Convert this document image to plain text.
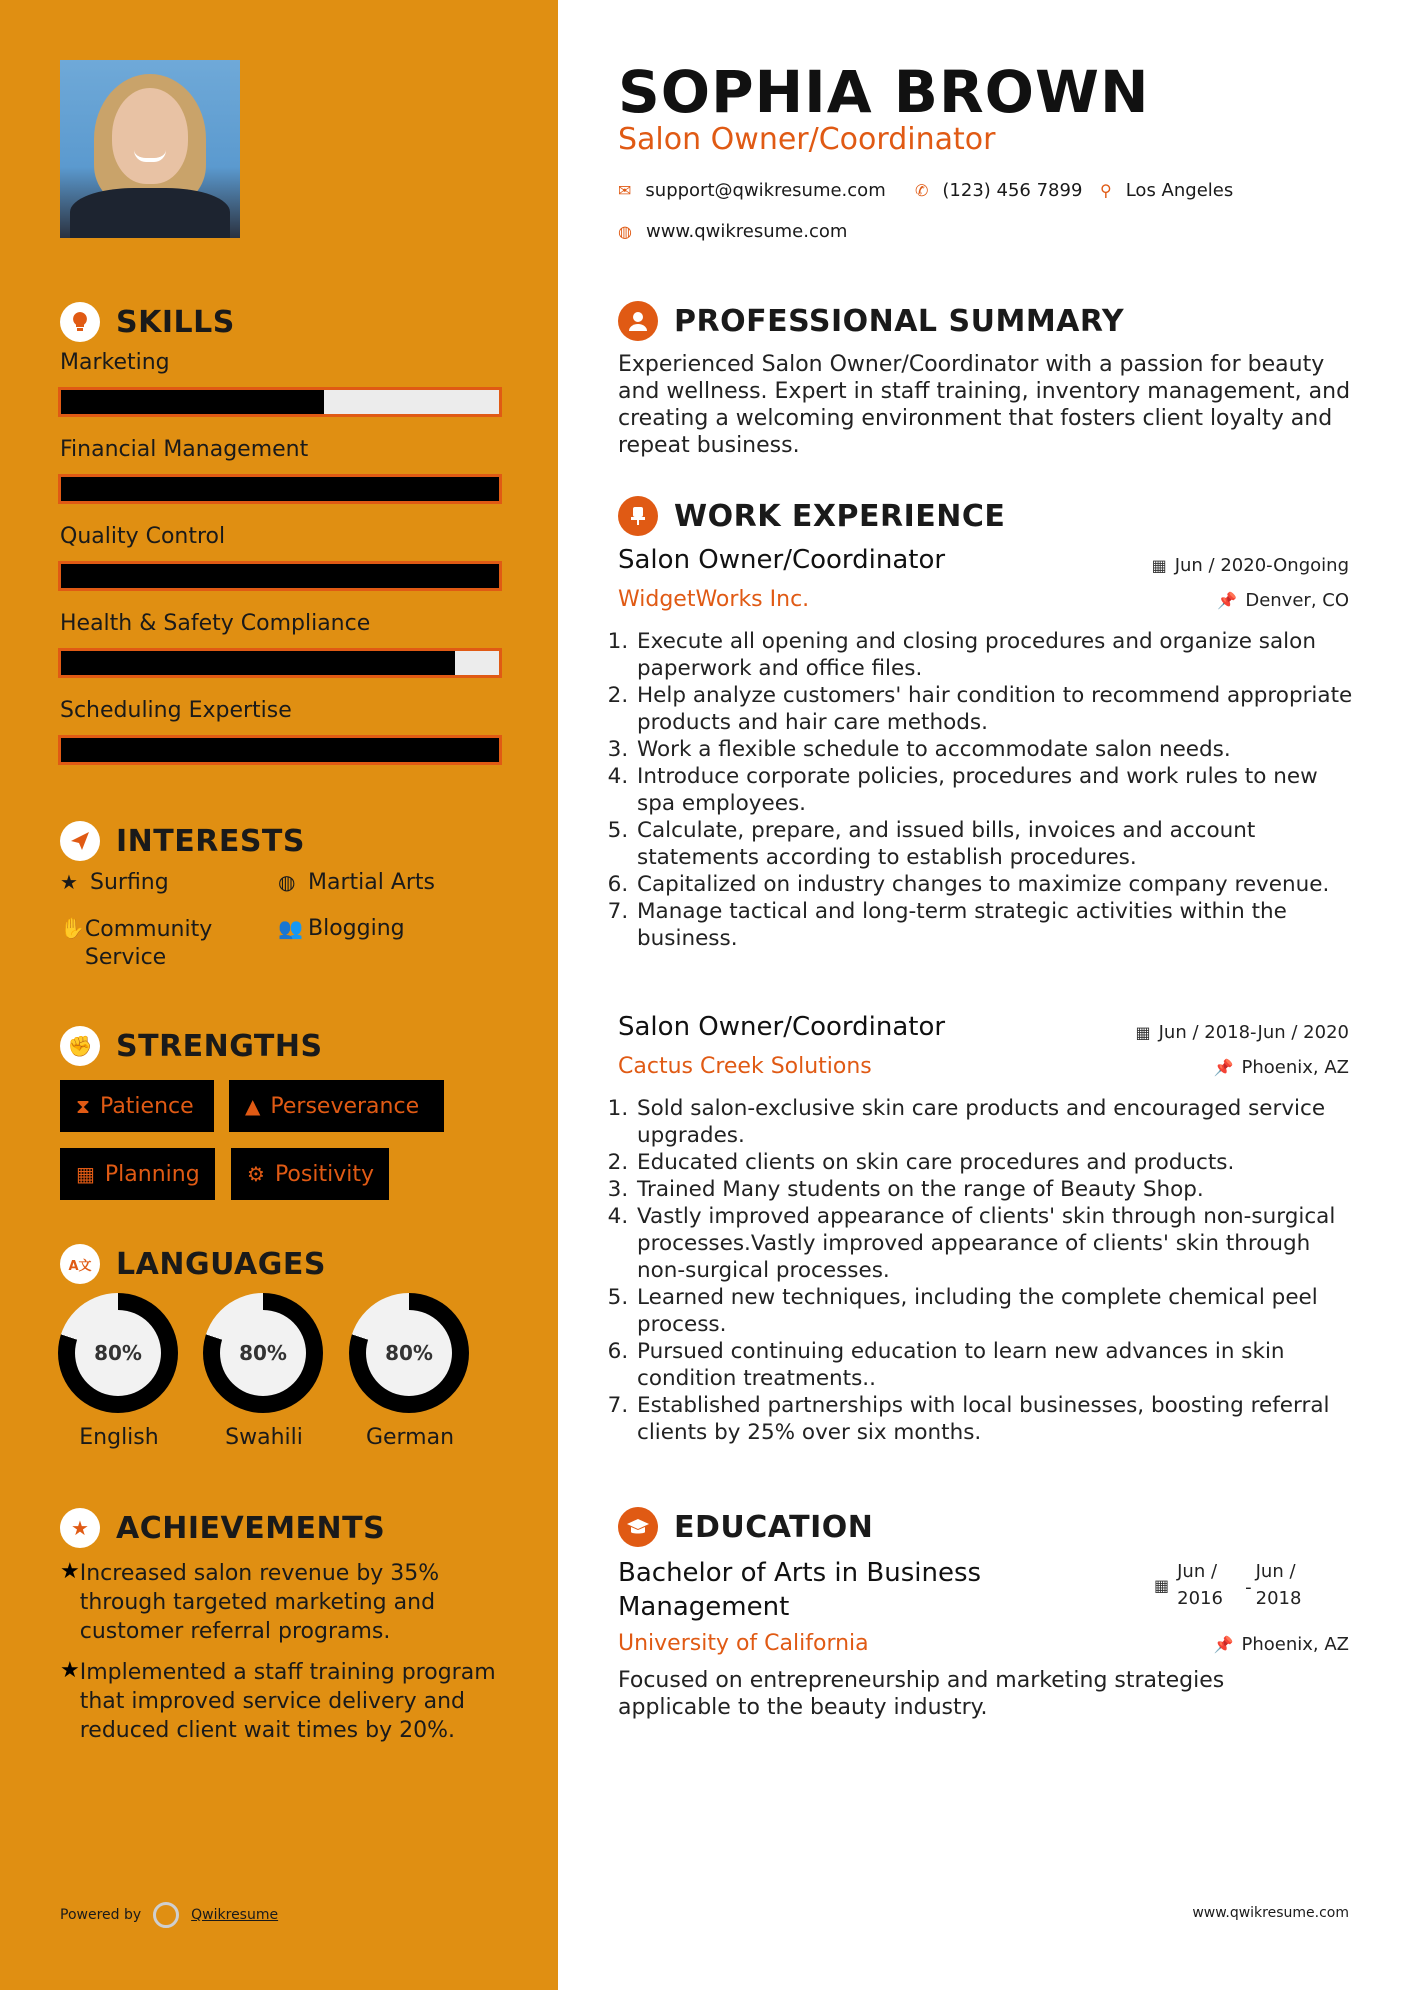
SKILLS
Marketing
Financial Management
Quality Control
Health & Safety Compliance
Scheduling Expertise
INTERESTS
★ Surfing	◍ Martial Arts
✋ Community Service
👥 Blogging
✊ STRENGTHS
⧗ Patience	▲ Perseverance
▦ Planning ⚙ Positivity
A文 LANGUAGES
80%
English
80%
Swahili
80%
German
★ ACHIEVEMENTS
★ Increased salon revenue by 35% through targeted marketing and customer referral programs.
★ Implemented a staff training program that improved service delivery and reduced client wait times by 20%.
Powered by	Qwikresume
SOPHIA BROWN
Salon Owner/Coordinator
✉ support@qwikresume.com ✆ (123) 456 7899 ⚲ Los Angeles
◍ www.qwikresume.com
PROFESSIONAL SUMMARY
Experienced Salon Owner/Coordinator with a passion for beauty and wellness. Expert in staff training, inventory management, and creating a welcoming environment that fosters client loyalty and repeat business.
WORK EXPERIENCE
Salon Owner/Coordinator	▦ Jun / 2020-Ongoing
WidgetWorks Inc.	📌 Denver, CO
1. Execute all opening and closing procedures and organize salon paperwork and office files.
2. Help analyze customers' hair condition to recommend appropriate products and hair care methods.
3. Work a flexible schedule to accommodate salon needs.
4. Introduce corporate policies, procedures and work rules to new spa employees.
5. Calculate, prepare, and issued bills, invoices and account statements according to establish procedures.
6. Capitalized on industry changes to maximize company revenue.
7. Manage tactical and long-term strategic activities within the business.
Salon Owner/Coordinator	▦ Jun / 2018-Jun / 2020
Cactus Creek Solutions	📌 Phoenix, AZ
1. Sold salon-exclusive skin care products and encouraged service upgrades.
2. Educated clients on skin care procedures and products.
3. Trained Many students on the range of Beauty Shop.
4. Vastly improved appearance of clients' skin through non-surgical processes.Vastly improved appearance of clients' skin through non-surgical processes.
5. Learned new techniques, including the complete chemical peel process.
6. Pursued continuing education to learn new advances in skin condition treatments..
7. Established partnerships with local businesses, boosting referral clients by 25% over six months.
EDUCATION
Bachelor of Arts in Business Management
▦
Jun / 2016
-
Jun / 2018
University of California	📌 Phoenix, AZ
Focused on entrepreneurship and marketing strategies applicable to the beauty industry.
www.qwikresume.com
